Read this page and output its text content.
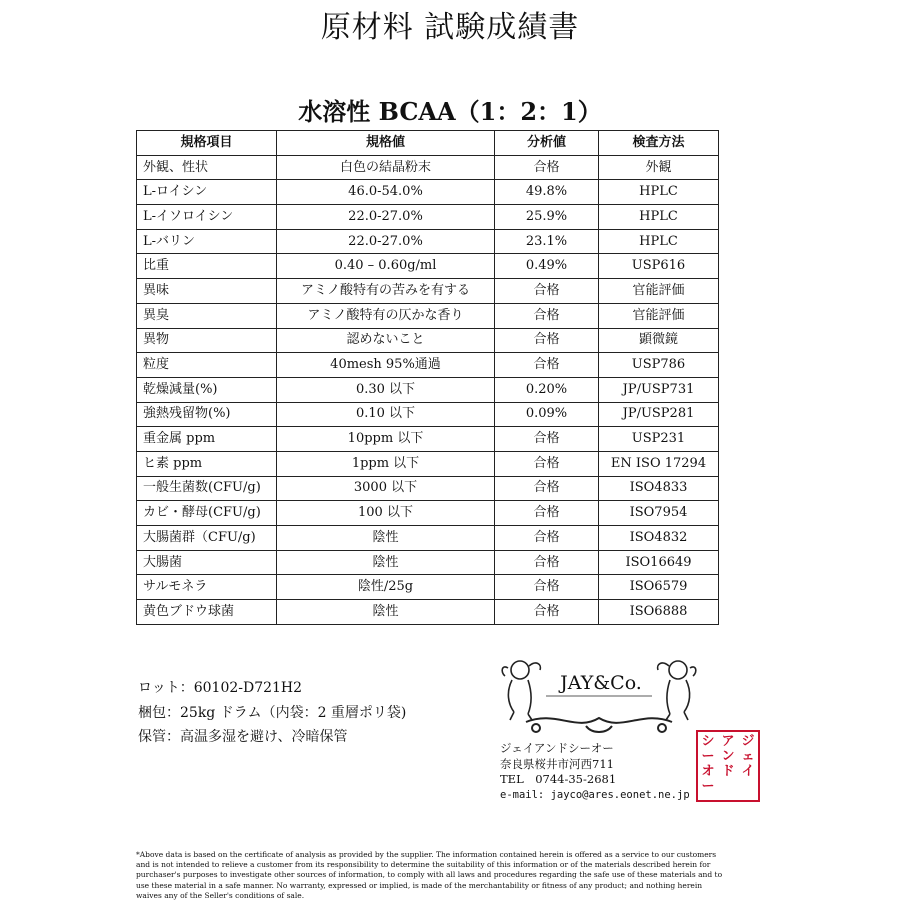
原材料 試験成績書
水溶性 BCAA（1：2：1）
規格項目	規格値	分析値	検査方法
外観、性状	白色の結晶粉末	合格	外観
L-ロイシン	46.0-54.0%	49.8%	HPLC
L-イソロイシン	22.0-27.0%	25.9%	HPLC
L-バリン	22.0-27.0%	23.1%	HPLC
比重	0.40 – 0.60g/ml	0.49%	USP616
異味	アミノ酸特有の苦みを有する	合格	官能評価
異臭	アミノ酸特有の仄かな香り	合格	官能評価
異物	認めないこと	合格	顕微鏡
粒度	40mesh 95%通過	合格	USP786
乾燥減量(%)	0.30 以下	0.20%	JP/USP731
強熱残留物(%)	0.10 以下	0.09%	JP/USP281
重金属 ppm	10ppm 以下	合格	USP231
ヒ素 ppm	1ppm 以下	合格	EN ISO 17294
一般生菌数(CFU/g)	3000 以下	合格	ISO4833
カビ・酵母(CFU/g)	100 以下	合格	ISO7954
大腸菌群（CFU/g)	陰性	合格	ISO4832
大腸菌	陰性	合格	ISO16649
サルモネラ	陰性/25g	合格	ISO6579
黄色ブドウ球菌	陰性	合格	ISO6888
ロット：60102-D721H2
梱包：25kg ドラム（内袋：2 重層ポリ袋)
保管：高温多湿を避け、冷暗保管
JAY&Co.
ジェイアンドシーオー
奈良県桜井市河西711
TEL　0744-35-2681
e-mail: jayco@ares.eonet.ne.jp
ジ
ェ
イ
ア
ン
ド
シ
ー
オ
ー
*Above data is based on the certificate of analysis as provided by the supplier. The information contained herein is offered as a service to our customers and is not intended to relieve a customer from its responsibility to determine the suitability of this information or of the materials described herein for purchaser's purposes to investigate other sources of information, to comply with all laws and procedures regarding the safe use of these materials and to use these material in a safe manner. No warranty, expressed or implied, is made of the merchantability or fitness of any product; and nothing herein waives any of the Seller's conditions of sale.
